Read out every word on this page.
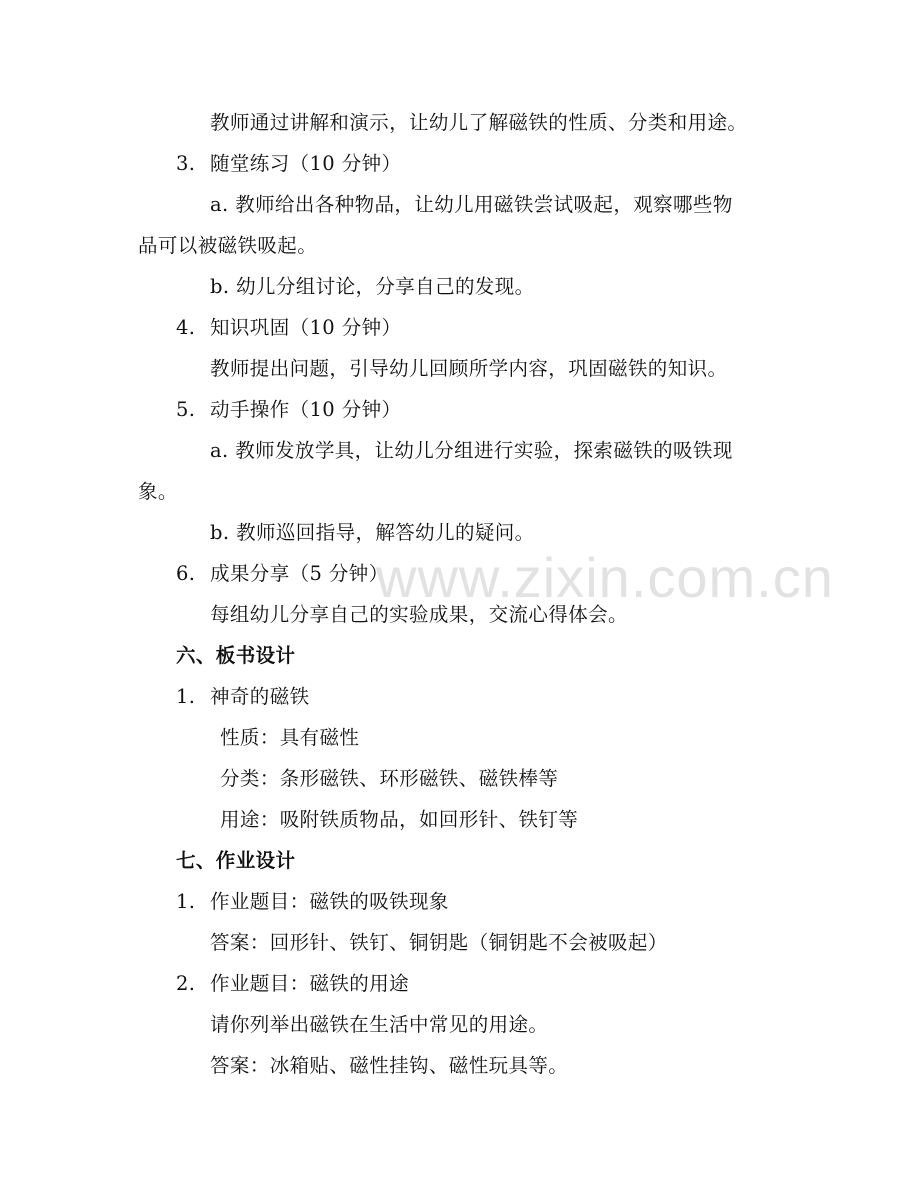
www.zixin.com.cn
教师通过讲解和演示，让幼儿了解磁铁的性质、分类和用途。
3. 随堂练习（10 分钟）
a. 教师给出各种物品，让幼儿用磁铁尝试吸起，观察哪些物
品可以被磁铁吸起。
b. 幼儿分组讨论，分享自己的发现。
4. 知识巩固（10 分钟）
教师提出问题，引导幼儿回顾所学内容，巩固磁铁的知识。
5. 动手操作（10 分钟）
a. 教师发放学具，让幼儿分组进行实验，探索磁铁的吸铁现
象。
b. 教师巡回指导，解答幼儿的疑问。
6. 成果分享（5 分钟）
每组幼儿分享自己的实验成果，交流心得体会。
六、板书设计
1. 神奇的磁铁
性质：具有磁性
分类：条形磁铁、环形磁铁、磁铁棒等
用途：吸附铁质物品，如回形针、铁钉等
七、作业设计
1. 作业题目：磁铁的吸铁现象
答案：回形针、铁钉、铜钥匙（铜钥匙不会被吸起）
2. 作业题目：磁铁的用途
请你列举出磁铁在生活中常见的用途。
答案：冰箱贴、磁性挂钩、磁性玩具等。
